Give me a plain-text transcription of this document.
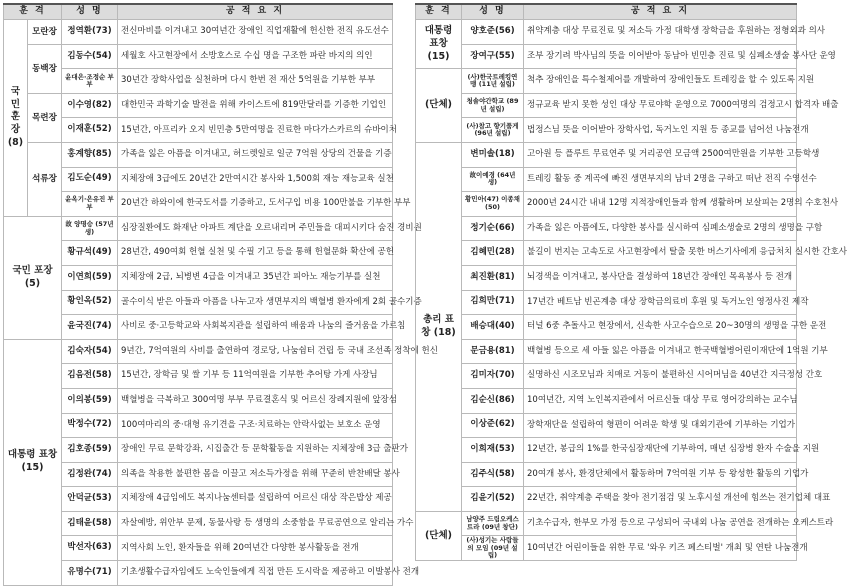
훈 격		성 명	공 적 요 지
국민 훈장 (8)	모란장	정역환(73)	전신마비를 이겨내고 30여년간 장애인 직업재활에 헌신한 전직 유도선수
	동백장	김동수(54)	세월호 사고현장에서 소방호스로 수십 명을 구조한 파란 바지의 의인
		윤대은·조정순 부부	30년간 장학사업을 실천하며 다시 한번 전 재산 5억원을 기부한 부부
	목련장	이수영(82)	대한민국 과학기술 발전을 위해 카이스트에 819만달러를 기증한 기업인
		이재훈(52)	15년간, 아프리카 오지 빈민층 5만여명을 진료한 마다가스카르의 슈바이처
	석류장	홍계향(85)	가족을 잃은 아픔을 이겨내고, 허드렛일로 일군 7억원 상당의 건물을 기증
		김도순(49)	지체장애 3급에도 20년간 2만여시간 봉사와 1,500회 재능 재능교육 실천
		윤옥기·은유진 부부	20년간 하와이에 한국도서를 기증하고, 도서구입 비용 100만불을 기부한 부부
국민 포장 (5)		故 양명승 (57년생)	심장질환에도 화재난 아파트 계단을 오르내리며 주민들을 대피시키다 숨진 경비원
		황규석(49)	28년간, 490여회 헌혈 실천 및 수필 기고 등을 통해 헌혈문화 확산에 공헌
		이연희(59)	지체장애 2급, 뇌병변 4급을 이겨내고 35년간 피아노 재능기부를 실천
		황인옥(52)	골수이식 받은 아들과 아픔을 나누고자 생면부지의 백혈병 환자에게 2회 골수기증
		윤국진(74)	사비로 중·고등학교와 사회복지관을 설립하여 배움과 나눔의 즐거움을 가르침
대통령 표창 (15)		김숙자(54)	9년간, 7억여원의 사비를 출연하여 경로당, 나눔쉼터 건립 등 국내 조선족 정착에 헌신
		김음전(58)	15년간, 장학금 및 쌀 기부 등 11억여원을 기부한 추어탕 가게 사장님
		이의봉(59)	백혈병을 극복하고 300여명 부부 무료결혼식 및 어르신 장례지원에 앞장섬
		박정수(72)	100여마리의 중·대형 유기견을 구조·치료하는 안락사없는 보호소 운영
		김호종(59)	장애인 무료 문학강좌, 시집출간 등 문학활동을 지원하는 지체장애 3급 출판가
		김정완(74)	의족을 착용한 불편한 몸을 이끌고 저소득가정을 위해 꾸준히 반찬배달 봉사
		안덕균(53)	지체장애 4급임에도 복지나눔센터를 설립하여 어르신 대상 작은밥상 제공
		김태윤(58)	자살예방, 위안부 문제, 동물사랑 등 생명의 소중함을 무료공연으로 알리는 가수
		박선자(63)	지역사회 노인, 환자들을 위해 20여년간 다양한 봉사활동을 전개
		유명수(71)	기초생활수급자임에도 노숙인들에게 직접 만든 도시락을 제공하고 이발봉사 전개
훈 격	성 명	공 적 요 지
대통령 표창 (15)	양호준(56)	취약계층 대상 무료진료 및 저소득 가정 대학생 장학금을 후원하는 정형외과 의사
	장여구(55)	조부 장기려 박사님의 뜻을 이어받아 동남아 빈민층 진료 및 심폐소생술 봉사단 운영
(단체)	(사)한국트레킹연맹 (11년 설립)	척추 장애인을 특수철제어를 개발하여 장애인들도 트레킹을 할 수 있도록 지원
	청솔야간학교 (89년 설립)	정규교육 받지 못한 성인 대상 무료야학 운영으로 7000여명의 검정고시 합격자 배출
	(사)참고 향기품게 (96년 설립)	법정스님 뜻을 이어받아 장학사업, 독거노인 지원 등 종교를 넘어선 나눔전개
총리 표창 (18)	변미솔(18)	고아원 등 플루트 무료연주 및 거리공연 모금액 2500여만원을 기부한 고등학생
	故이예경 (64년생)	트레킹 활동 중 계곡에 빠진 생면부지의 남녀 2명을 구하고 떠난 전직 수영선수
	황민아(47) 이종채(50)	2000년 24시간 내내 12명 지적장애인들과 함께 생활하며 보살피는 2명의 수호천사
	정기순(66)	가족을 잃은 아픔에도, 다양한 봉사를 실시하여 심폐소생술로 2명의 생명을 구함
	김혜민(28)	불길이 번지는 고속도로 사고현장에서 탈출 못한 버스기사에게 응급처치 실시한 간호사
	최진환(81)	뇌경색을 이겨내고, 봉사단을 결성하여 18년간 장애인 목욕봉사 등 전개
	김희만(71)	17년간 베트남 빈곤계층 대상 장학금의료비 후원 및 독거노인 영정사진 제작
	배승대(40)	터널 6중 추돌사고 현장에서, 신속한 사고수습으로 20~30명의 생명을 구한 운전
	문금용(81)	백혈병 등으로 세 아들 잃은 아픔을 이겨내고 한국백혈병어린이재단에 1억원 기부
	김미자(70)	실명하신 시조모님과 치매로 거동이 불편하신 시어머님을 40년간 지극정성 간호
	김순신(86)	10여년간, 지역 노인복지관에서 어르신들 대상 무료 영어강의하는 교수님
	이상준(62)	장학재단을 설립하여 형편이 어려운 학생 및 대외기관에 기부하는 기업가
	이희재(53)	12년간, 봉급의 1%를 한국심장재단에 기부하여, 매년 심장병 환자 수술을 지원
	김주식(58)	20여개 봉사, 환경단체에서 활동하며 7억여원 기부 등 왕성한 활동의 기업가
	김윤기(52)	22년간, 취약계층 주택을 찾아 전기점검 및 노후시설 개선에 힘쓰는 전기업체 대표
(단체)	남양주 드림오케스트라 (09년 창단)	기초수급자, 한부모 가정 등으로 구성되어 국내외 나눔 공연을 전개하는 오케스트라
	(사)성기는 사람들의 모임 (09년 설립)	10여년간 어린이들을 위한 무료 '와우 키즈 페스티벌' 개최 및 연탄 나눔전개
